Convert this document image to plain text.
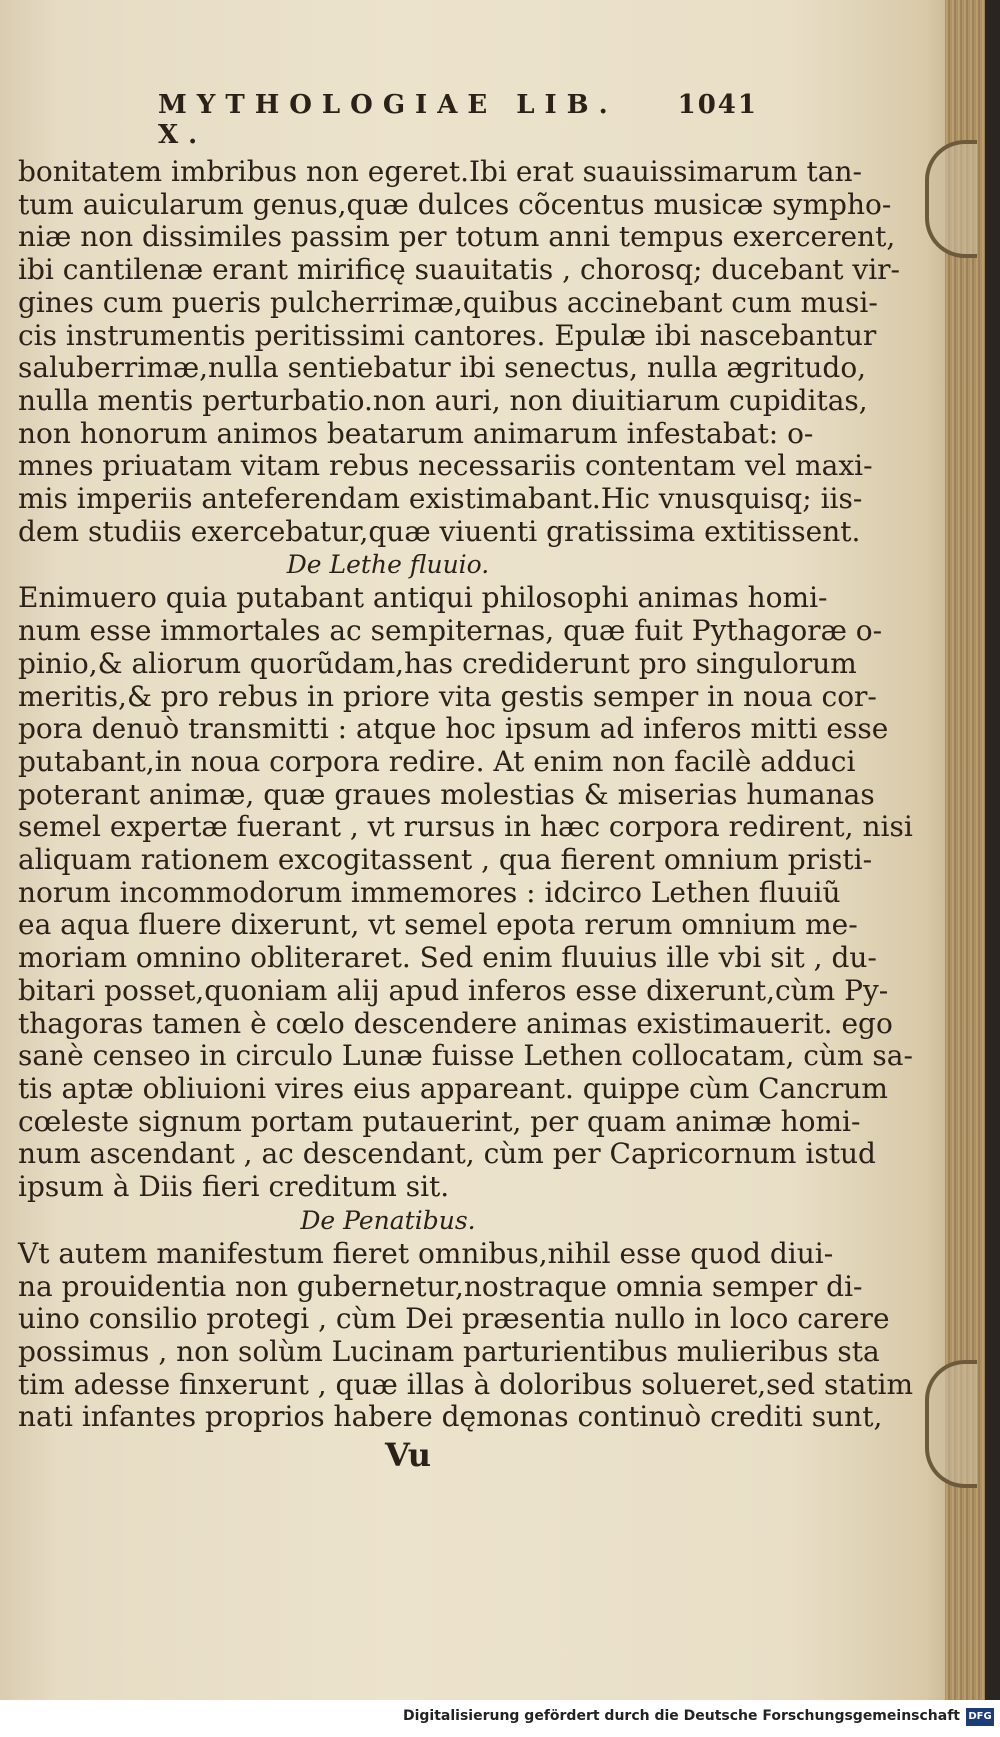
MYTHOLOGIAE LIB. X.
1041
bonitatem imbribus non egeret.Ibi erat suauissimarum tan-
tum auicularum genus,quæ dulces cõcentus musicæ sympho-
niæ non dissimiles passim per totum anni tempus exercerent,
ibi cantilenæ erant mirificę suauitatis , chorosq; ducebant vir-
gines cum pueris pulcherrimæ,quibus accinebant cum musi-
cis instrumentis peritissimi cantores. Epulæ ibi nascebantur
saluberrimæ,nulla sentiebatur ibi senectus, nulla ægritudo,
nulla mentis perturbatio.non auri, non diuitiarum cupiditas,
non honorum animos beatarum animarum infestabat: o-
mnes priuatam vitam rebus necessariis contentam vel maxi-
mis imperiis anteferendam existimabant.Hic vnusquisq; iis-
dem studiis exercebatur,quæ viuenti gratissima extitissent.
De Lethe fluuio.
Enimuero quia putabant antiqui philosophi animas homi-
num esse immortales ac sempiternas, quæ fuit Pythagoræ o-
pinio,& aliorum quorũdam,has crediderunt pro singulorum
meritis,& pro rebus in priore vita gestis semper in noua cor-
pora denuò transmitti : atque hoc ipsum ad inferos mitti esse
putabant,in noua corpora redire. At enim non facilè adduci
poterant animæ, quæ graues molestias & miserias humanas
semel expertæ fuerant , vt rursus in hæc corpora redirent, nisi
aliquam rationem excogitassent , qua fierent omnium pristi-
norum incommodorum immemores : idcirco Lethen fluuiũ
ea aqua fluere dixerunt, vt semel epota rerum omnium me-
moriam omnino obliteraret. Sed enim fluuius ille vbi sit , du-
bitari posset,quoniam alij apud inferos esse dixerunt,cùm Py-
thagoras tamen è cœlo descendere animas existimauerit. ego
sanè censeo in circulo Lunæ fuisse Lethen collocatam, cùm sa-
tis aptæ obliuioni vires eius appareant. quippe cùm Cancrum
cœleste signum portam putauerint, per quam animæ homi-
num ascendant , ac descendant, cùm per Capricornum istud
ipsum à Diis fieri creditum sit.
De Penatibus.
Vt autem manifestum fieret omnibus,nihil esse quod diui-
na prouidentia non gubernetur,nostraque omnia semper di-
uino consilio protegi , cùm Dei præsentia nullo in loco carere
possimus , non solùm Lucinam parturientibus mulieribus sta
tim adesse finxerunt , quæ illas à doloribus solueret,sed statim
nati infantes proprios habere dęmonas continuò crediti sunt,
Vu
Digitalisierung gefördert durch die Deutsche Forschungsgemeinschaft DFG
